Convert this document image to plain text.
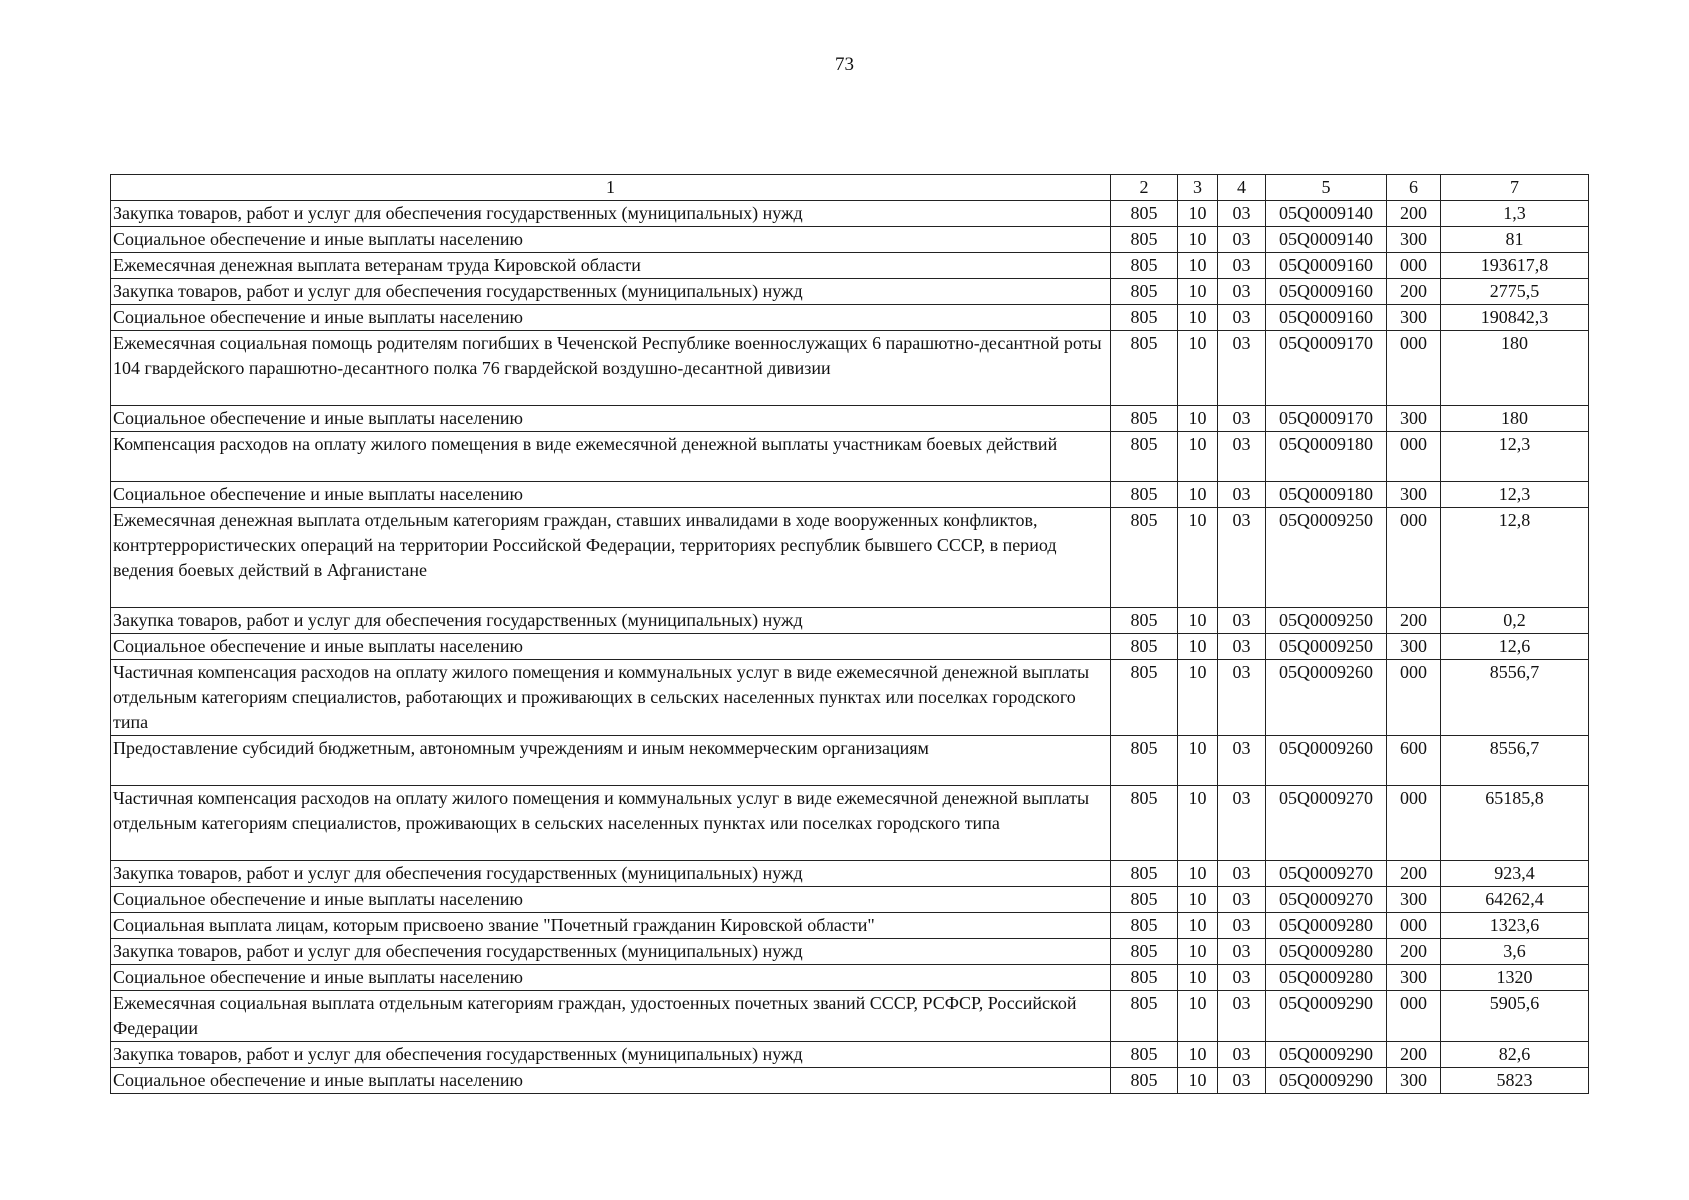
73
1	2	3	4	5	6	7
Закупка товаров, работ и услуг для обеспечения государственных (муниципальных) нужд	805	10	03	05Q0009140	200	1,3
Социальное обеспечение и иные выплаты населению	805	10	03	05Q0009140	300	81
Ежемесячная денежная выплата ветеранам труда Кировской области	805	10	03	05Q0009160	000	193617,8
Закупка товаров, работ и услуг для обеспечения государственных (муниципальных) нужд	805	10	03	05Q0009160	200	2775,5
Социальное обеспечение и иные выплаты населению	805	10	03	05Q0009160	300	190842,3
Ежемесячная социальная помощь родителям погибших в Чеченской Республике военнослужащих 6 парашютно-десантной роты 104 гвардейского парашютно-десантного полка 76 гвардейской воздушно-десантной дивизии	805	10	03	05Q0009170	000	180
Социальное обеспечение и иные выплаты населению	805	10	03	05Q0009170	300	180
Компенсация расходов на оплату жилого помещения в виде ежемесячной денежной выплаты участникам боевых действий	805	10	03	05Q0009180	000	12,3
Социальное обеспечение и иные выплаты населению	805	10	03	05Q0009180	300	12,3
Ежемесячная денежная выплата отдельным категориям граждан, ставших инвалидами в ходе вооруженных конфликтов, контртеррористических операций на территории Российской Федерации, территориях республик бывшего СССР, в период ведения боевых действий в Афганистане	805	10	03	05Q0009250	000	12,8
Закупка товаров, работ и услуг для обеспечения государственных (муниципальных) нужд	805	10	03	05Q0009250	200	0,2
Социальное обеспечение и иные выплаты населению	805	10	03	05Q0009250	300	12,6
Частичная компенсация расходов на оплату жилого помещения и коммунальных услуг в виде ежемесячной денежной выплаты отдельным категориям специалистов, работающих и проживающих в сельских населенных пунктах или поселках городского типа	805	10	03	05Q0009260	000	8556,7
Предоставление субсидий бюджетным, автономным учреждениям и иным некоммерческим организациям	805	10	03	05Q0009260	600	8556,7
Частичная компенсация расходов на оплату жилого помещения и коммунальных услуг в виде ежемесячной денежной выплаты отдельным категориям специалистов, проживающих в сельских населенных пунктах или поселках городского типа	805	10	03	05Q0009270	000	65185,8
Закупка товаров, работ и услуг для обеспечения государственных (муниципальных) нужд	805	10	03	05Q0009270	200	923,4
Социальное обеспечение и иные выплаты населению	805	10	03	05Q0009270	300	64262,4
Социальная выплата лицам, которым присвоено звание "Почетный гражданин Кировской области"	805	10	03	05Q0009280	000	1323,6
Закупка товаров, работ и услуг для обеспечения государственных (муниципальных) нужд	805	10	03	05Q0009280	200	3,6
Социальное обеспечение и иные выплаты населению	805	10	03	05Q0009280	300	1320
Ежемесячная социальная выплата отдельным категориям граждан, удостоенных почетных званий СССР, РСФСР, Российской Федерации	805	10	03	05Q0009290	000	5905,6
Закупка товаров, работ и услуг для обеспечения государственных (муниципальных) нужд	805	10	03	05Q0009290	200	82,6
Социальное обеспечение и иные выплаты населению	805	10	03	05Q0009290	300	5823
